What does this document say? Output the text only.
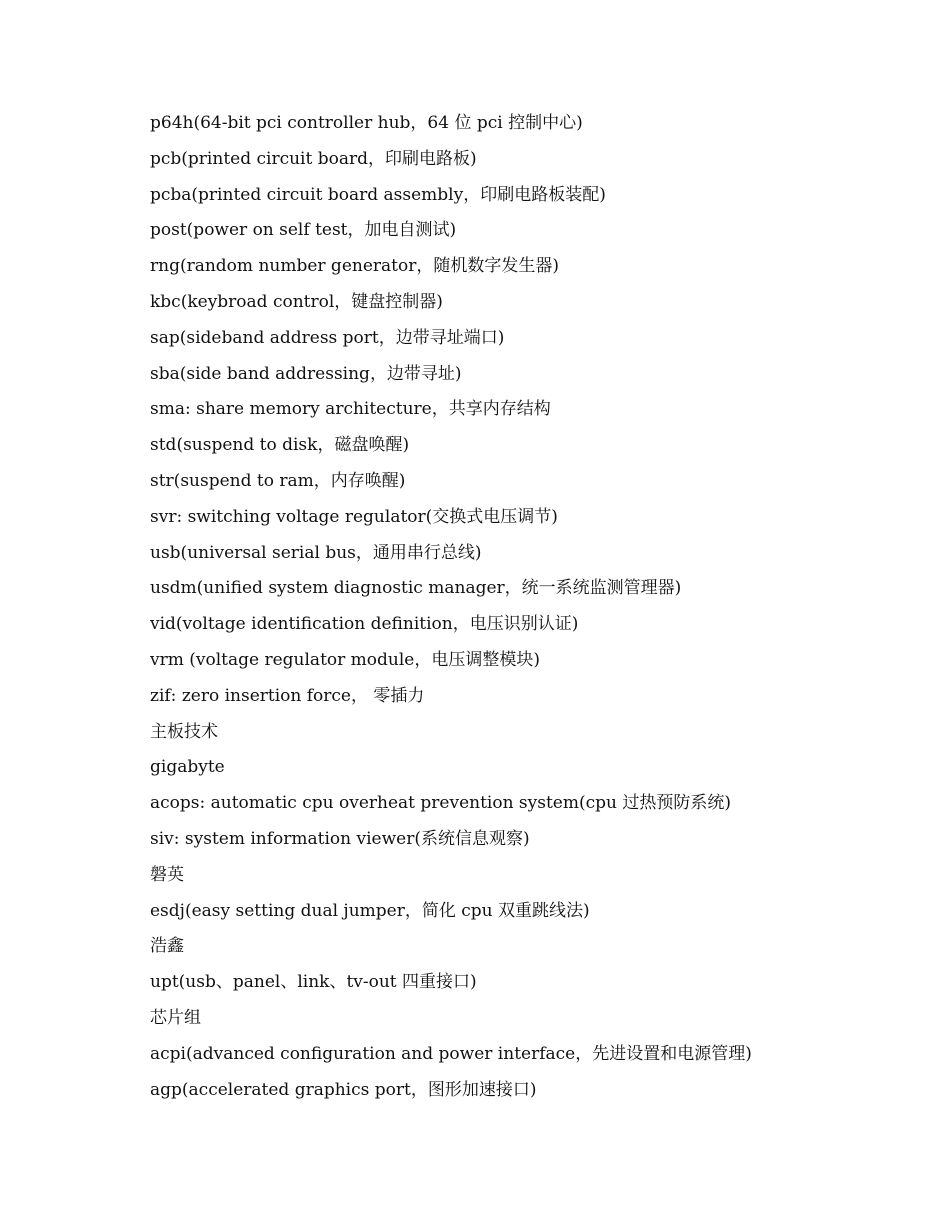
p64h(64-bit pci controller hub，64 位 pci 控制中心)
pcb(printed circuit board，印刷电路板)
pcba(printed circuit board assembly，印刷电路板装配)
post(power on self test，加电自测试)
rng(random number generator，随机数字发生器)
kbc(keybroad control，键盘控制器)
sap(sideband address port，边带寻址端口)
sba(side band addressing，边带寻址)
sma: share memory architecture，共享内存结构
std(suspend to disk，磁盘唤醒)
str(suspend to ram，内存唤醒)
svr: switching voltage regulator(交换式电压调节)
usb(universal serial bus，通用串行总线)
usdm(unified system diagnostic manager，统一系统监测管理器)
vid(voltage identification definition，电压识别认证)
vrm (voltage regulator module，电压调整模块)
zif: zero insertion force， 零插力
主板技术
gigabyte
acops: automatic cpu overheat prevention system(cpu 过热预防系统)
siv: system information viewer(系统信息观察)
磐英
esdj(easy setting dual jumper，简化 cpu 双重跳线法)
浩鑫
upt(usb、panel、link、tv-out 四重接口)
芯片组
acpi(advanced configuration and power interface，先进设置和电源管理)
agp(accelerated graphics port，图形加速接口)
